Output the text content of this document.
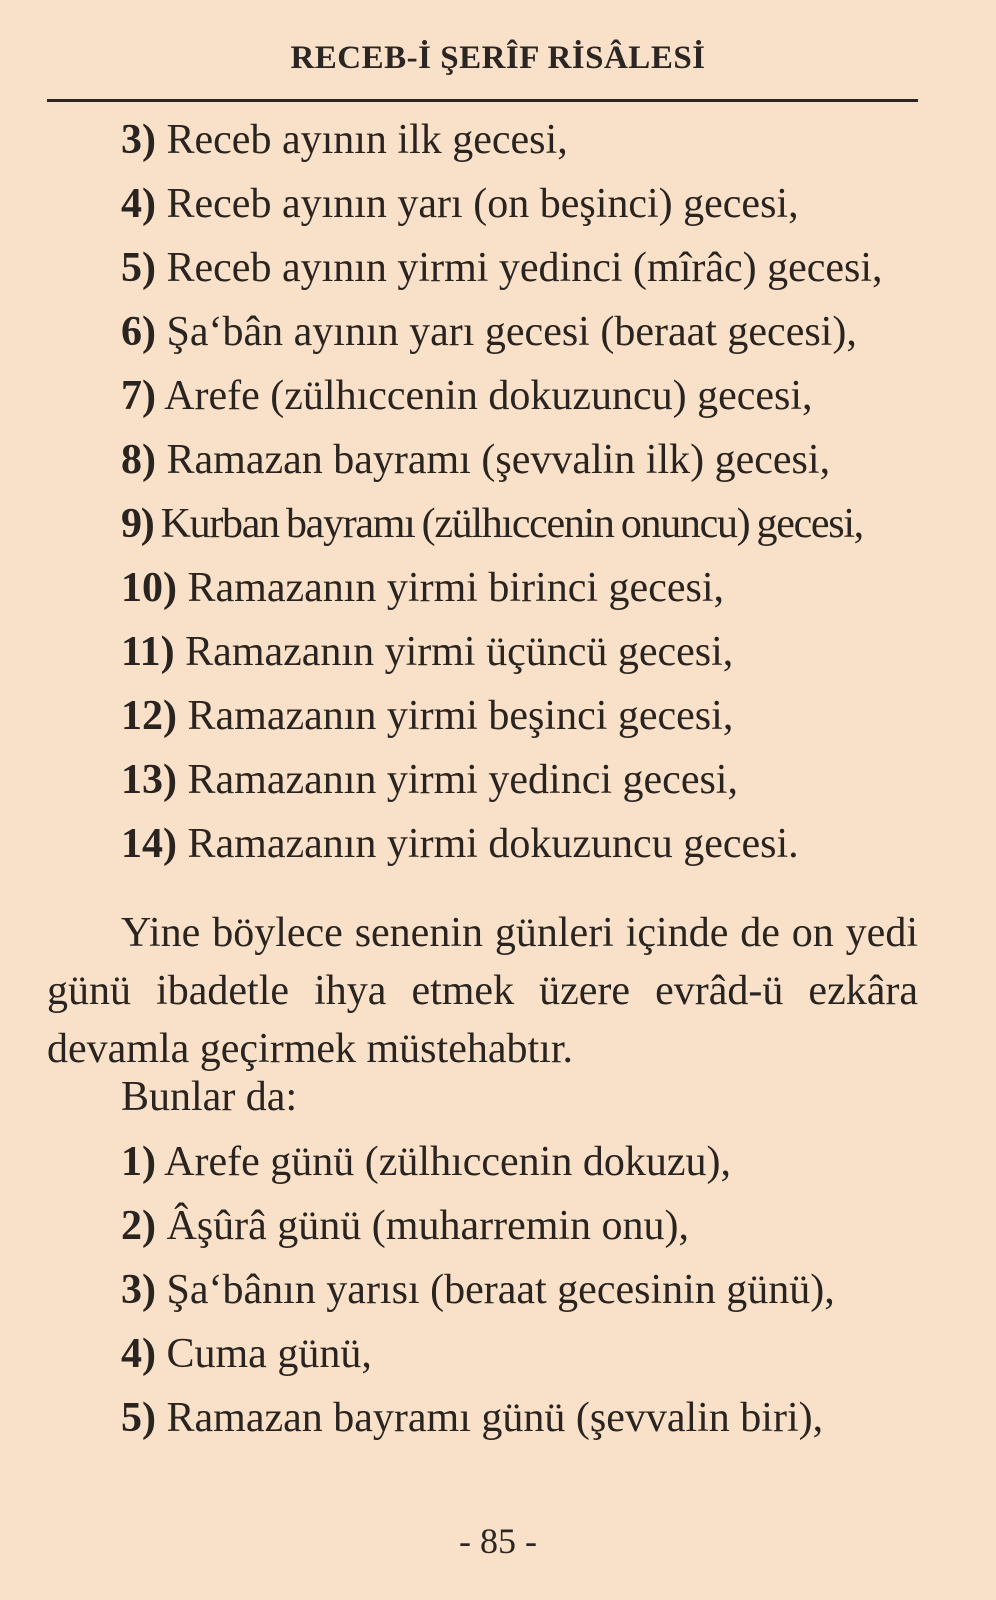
RECEB-İ ŞERÎF RİSÂLESİ
3) Receb ayının ilk gecesi,
4) Receb ayının yarı (on beşinci) gecesi,
5) Receb ayının yirmi yedinci (mîrâc) gecesi,
6) Şa‘bân ayının yarı gecesi (beraat gecesi),
7) Arefe (zülhıccenin dokuzuncu) gecesi,
8) Ramazan bayramı (şevvalin ilk) gecesi,
9) Kurban bayramı (zülhıccenin onuncu) gecesi,
10) Ramazanın yirmi birinci gecesi,
11) Ramazanın yirmi üçüncü gecesi,
12) Ramazanın yirmi beşinci gecesi,
13) Ramazanın yirmi yedinci gecesi,
14) Ramazanın yirmi dokuzuncu gecesi.

Yine böylece senenin günleri içinde de on yedi günü ibadetle ihya etmek üzere evrâd-ü ezkâra devamla geçirmek müstehabtır.

Bunlar da:
1) Arefe günü (zülhıccenin dokuzu),
2) Âşûrâ günü (muharremin onu),
3) Şa‘bânın yarısı (beraat gecesinin günü),
4) Cuma günü,
5) Ramazan bayramı günü (şevvalin biri),
- 85 -
